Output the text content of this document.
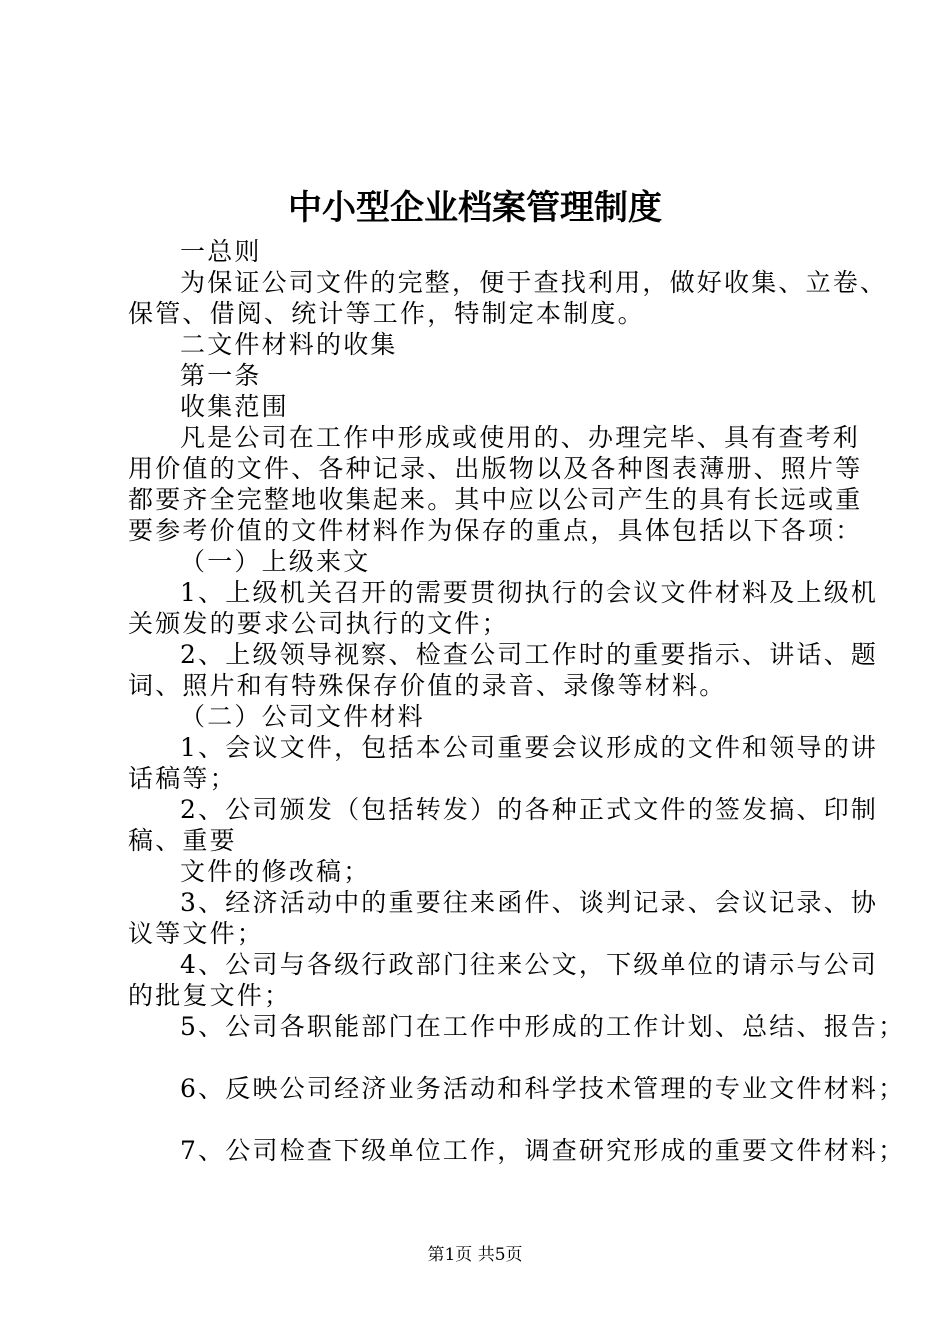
中小型企业档案管理制度
一总则
为保证公司文件的完整，便于查找利用，做好收集、立卷、
保管、借阅、统计等工作，特制定本制度。
二文件材料的收集
第一条
收集范围
凡是公司在工作中形成或使用的、办理完毕、具有查考利
用价值的文件、各种记录、出版物以及各种图表薄册、照片等
都要齐全完整地收集起来。其中应以公司产生的具有长远或重
要参考价值的文件材料作为保存的重点，具体包括以下各项：
（一）上级来文
1、上级机关召开的需要贯彻执行的会议文件材料及上级机
关颁发的要求公司执行的文件；
2、上级领导视察、检查公司工作时的重要指示、讲话、题
词、照片和有特殊保存价值的录音、录像等材料。
（二）公司文件材料
1、会议文件，包括本公司重要会议形成的文件和领导的讲
话稿等；
2、公司颁发（包括转发）的各种正式文件的签发搞、印制
稿、重要
文件的修改稿；
3、经济活动中的重要往来函件、谈判记录、会议记录、协
议等文件；
4、公司与各级行政部门往来公文，下级单位的请示与公司
的批复文件；
5、公司各职能部门在工作中形成的工作计划、总结、报告；
6、反映公司经济业务活动和科学技术管理的专业文件材料；
7、公司检查下级单位工作，调查研究形成的重要文件材料；
第1页 共5页
